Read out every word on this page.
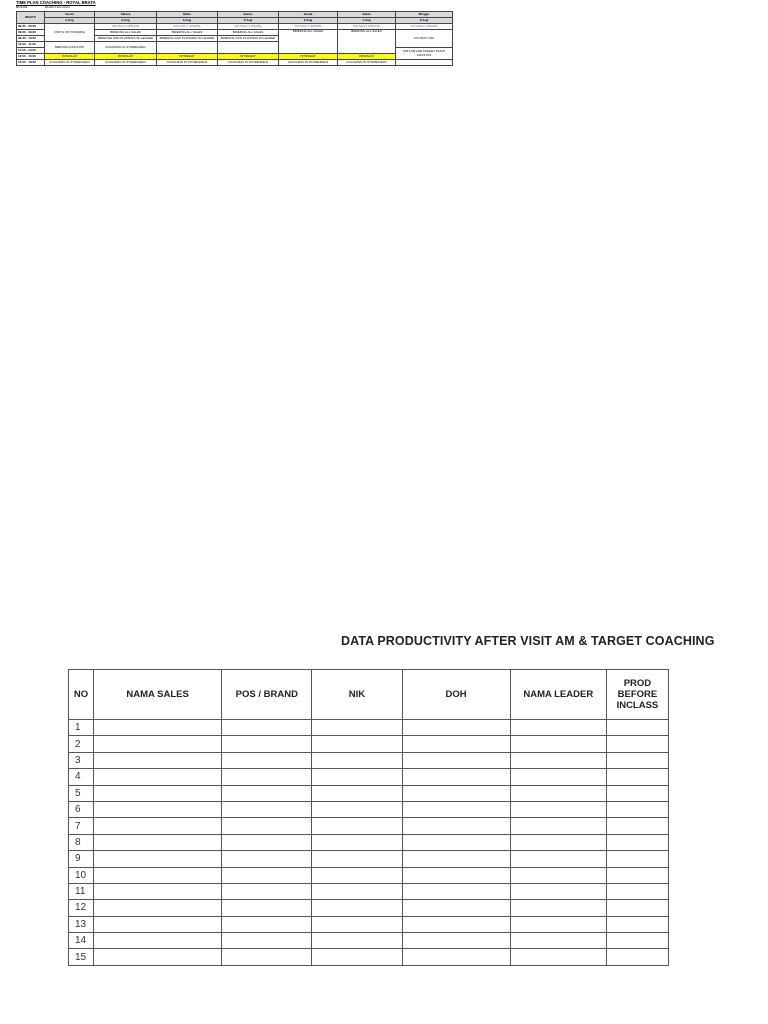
TIME PLAN COACHING - ROYAL BRATA
BULAN	AGUSTUS 2021
WAKTU	Senin	Selasa	Rabu	Kamis	Jumat	Sabtu	Minggu
	2-Aug	3-Aug	4-Aug	5-Aug	6-Aug	7-Aug	8-Aug
08:30 - 09:00	VISIT & KPI TRAINING	KPI DAILY UPDATE	KPI DAILY UPDATE	KPI DAILY UPDATE	KPI DAILY UPDATE	KPI DAILY UPDATE	KPI DAILY UPDATE
09:00 - 09:30		BRIEFING ALL SALES	BRIEFING ALL SALES	BRIEFING ALL SALES	BRIEFING ALL SALES	BRIEFING ALL SALES	CUTI/DAY OFF
09:30 - 10:00		BRIEFING DAN PLANNING W/ LEADER	BRIEFING DAN PLANNING W/ LEADER	BRIEFING DAN PLANNING W/ LEADER			
10:00 - 11:00	MEETING DSS & KPI	COACHING IN STORE/FIELD					
11:00 - 13:00							VISIT AM AND TARGET PLANT AGUSTUS
13:00 - 15:00	ISTIRAHAT	ISTIRAHAT	ISTIRAHAT	ISTIRAHAT	ISTIRAHAT	ISTIRAHAT	
15:00 - 18:00	COACHING IN STORE/FIELD	COACHING IN STORE/FIELD	COACHING IN STORE/FIELD	COACHING IN STORE/FIELD	COACHING IN STORE/FIELD	COACHING IN STORE/FIELD	
DATA PRODUCTIVITY AFTER VISIT AM & TARGET COACHING
NO	NAMA SALES	POS / BRAND	NIK	DOH	NAMA LEADER	PROD BEFORE INCLASS
1						
2						
3						
4						
5						
6						
7						
8						
9						
10						
11						
12						
13						
14						
15						
